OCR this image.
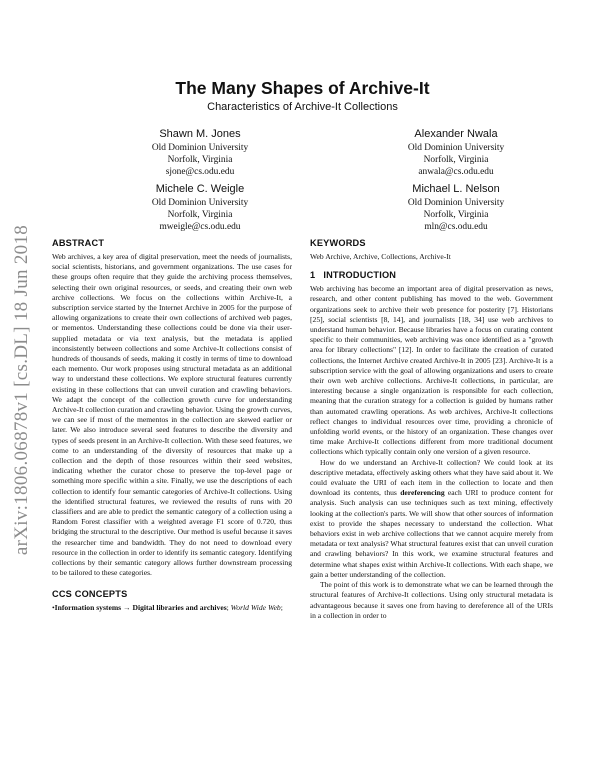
arXiv:1806.06878v1 [cs.DL] 18 Jun 2018
The Many Shapes of Archive-It
Characteristics of Archive-It Collections
Shawn M. Jones
Old Dominion University
Norfolk, Virginia
sjone@cs.odu.edu
Alexander Nwala
Old Dominion University
Norfolk, Virginia
anwala@cs.odu.edu
Michele C. Weigle
Old Dominion University
Norfolk, Virginia
mweigle@cs.odu.edu
Michael L. Nelson
Old Dominion University
Norfolk, Virginia
mln@cs.odu.edu
ABSTRACT

Web archives, a key area of digital preservation, meet the needs of journalists, social scientists, historians, and government organizations. The use cases for these groups often require that they guide the archiving process themselves, selecting their own original resources, or seeds, and creating their own web archive collections. We focus on the collections within Archive-It, a subscription service started by the Internet Archive in 2005 for the purpose of allowing organizations to create their own collections of archived web pages, or mementos. Understanding these collections could be done via their user-supplied metadata or via text analysis, but the metadata is applied inconsistently between collections and some Archive-It collections consist of hundreds of thousands of seeds, making it costly in terms of time to download each memento. Our work proposes using structural metadata as an additional way to understand these collections. We explore structural features currently existing in these collections that can unveil curation and crawling behaviors. We adapt the concept of the collection growth curve for understanding Archive-It collection curation and crawling behavior. Using the growth curves, we can see if most of the mementos in the collection are skewed earlier or later. We also introduce several seed features to describe the diversity and types of seeds present in an Archive-It collection. With these seed features, we come to an understanding of the diversity of resources that make up a collection and the depth of those resources within their seed websites, indicating whether the curator chose to preserve the top-level page or something more specific within a site. Finally, we use the descriptions of each collection to identify four semantic categories of Archive-It collections. Using the identified structural features, we reviewed the results of runs with 20 classifiers and are able to predict the semantic category of a collection using a Random Forest classifier with a weighted average F1 score of 0.720, thus bridging the structural to the descriptive. Our method is useful because it saves the researcher time and bandwidth. They do not need to download every resource in the collection in order to identify its semantic category. Identifying collections by their semantic category allows further downstream processing to be tailored to these categories.

CCS CONCEPTS

•Information systems → Digital libraries and archives; World Wide Web;

KEYWORDS

Web Archive, Archive, Collections, Archive-It

1 INTRODUCTION

Web archiving has become an important area of digital preservation as news, research, and other content publishing has moved to the web. Government organizations seek to archive their web presence for posterity [7]. Historians [25], social scientists [8, 14], and journalists [18, 34] use web archives to understand human behavior. Because libraries have a focus on curating content specific to their communities, web archiving was once identified as a "growth area for library collections" [12]. In order to facilitate the creation of curated collections, the Internet Archive created Archive-It in 2005 [23]. Archive-It is a subscription service with the goal of allowing organizations and users to create their own web archive collections. Archive-It collections, in particular, are interesting because a single organization is responsible for each collection, meaning that the curation strategy for a collection is guided by humans rather than automated crawling operations. As web archives, Archive-It collections reflect changes to individual resources over time, providing a chronicle of unfolding world events, or the history of an organization. These changes over time make Archive-It collections different from more traditional document collections which typically contain only one version of a given resource.

How do we understand an Archive-It collection? We could look at its descriptive metadata, effectively asking others what they have said about it. We could evaluate the URI of each item in the collection to locate and then download its contents, thus dereferencing each URI to produce content for analysis. Such analysis can use techniques such as text mining, effectively looking at the collection's parts. We will show that other sources of information exist to provide the shapes necessary to understand the collection. What behaviors exist in web archive collections that we cannot acquire merely from metadata or text analysis? What structural features exist that can unveil curation and crawling behaviors? In this work, we examine structural features and determine what shapes exist within Archive-It collections. With each shape, we gain a better understanding of the collection.

The point of this work is to demonstrate what we can be learned through the structural features of Archive-It collections. Using only structural metadata is advantageous because it saves one from having to dereference all of the URIs in a collection in order to
